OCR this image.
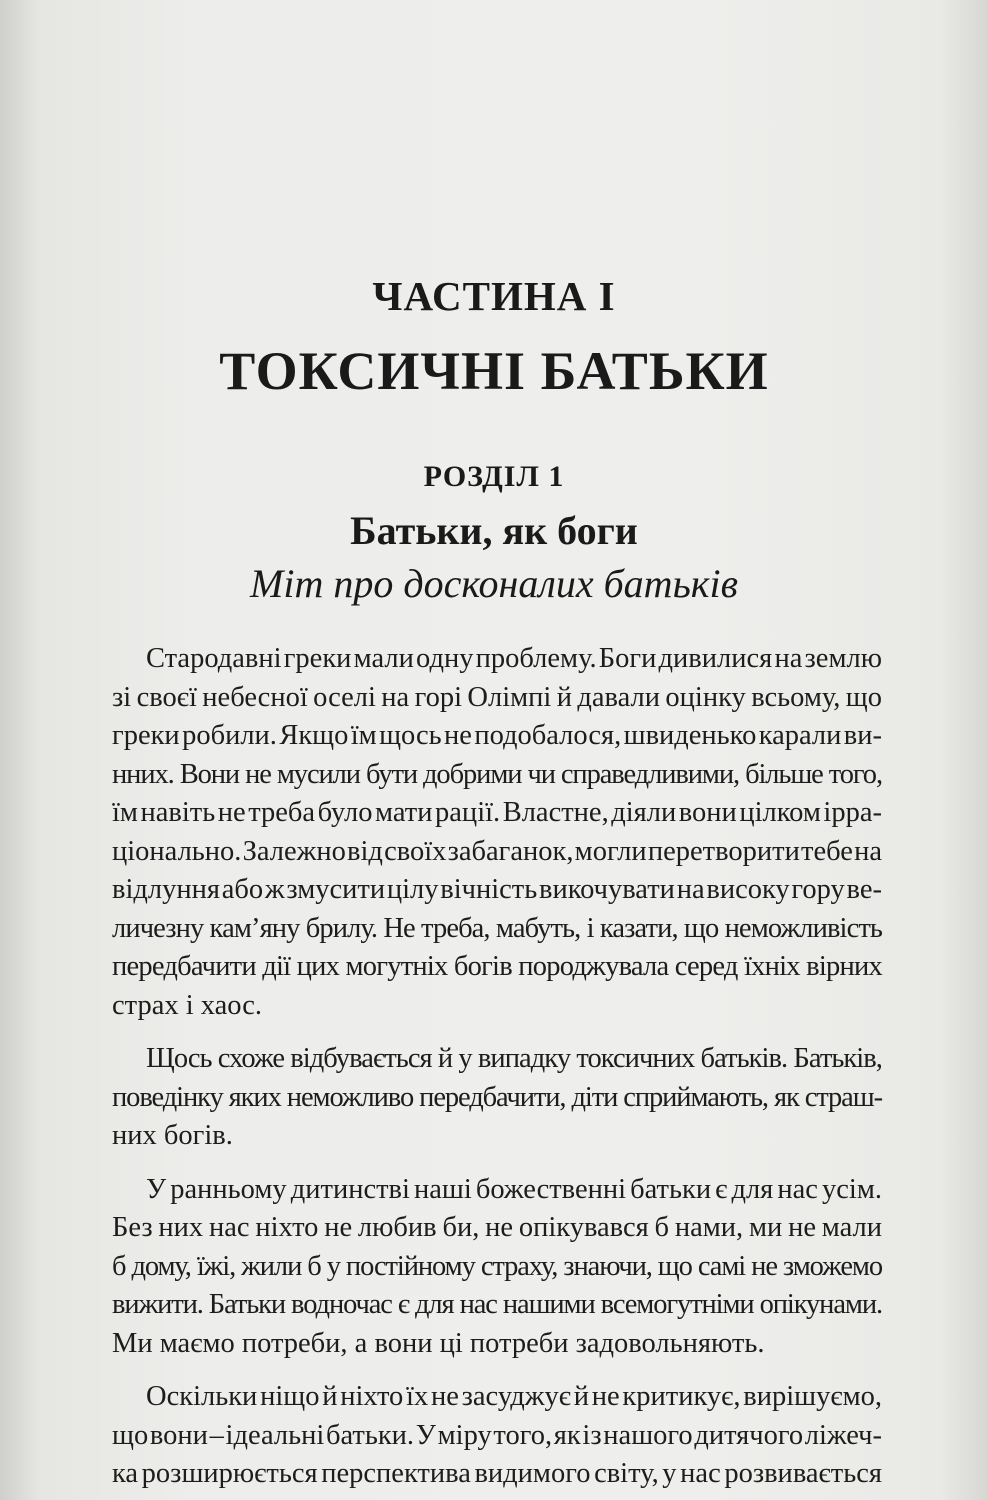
ЧАСТИНА I
ТОКСИЧНІ БАТЬКИ
РОЗДІЛ 1
Батьки, як боги
Міт про досконалих батьків
Стародавні греки мали одну проблему. Боги дивилися на землю
зі своєї небесної оселі на горі Олімпі й давали оцінку всьому, що
греки робили. Якщо їм щось не подобалося, швиденько карали ви-
нних. Вони не мусили бути добрими чи справедливими, більше того,
їм навіть не треба було мати рації. Властне, діяли вони цілком ірра-
ціонально. Залежно від своїх забаганок, могли перетворити тебе на
відлуння або ж змусити цілу вічність викочувати на високу гору ве-
личезну кам’яну брилу. Не треба, мабуть, і казати, що неможливість
передбачити дії цих могутніх богів породжувала серед їхніх вірних
страх і хаос.
Щось схоже відбувається й у випадку токсичних батьків. Батьків,
поведінку яких неможливо передбачити, діти сприймають, як страш-
них богів.
У ранньому дитинстві наші божественні батьки є для нас усім.
Без них нас ніхто не любив би, не опікувався б нами, ми не мали
б дому, їжі, жили б у постійному страху, знаючи, що самі не зможемо
вижити. Батьки водночас є для нас нашими всемогутніми опікунами.
Ми маємо потреби, а вони ці потреби задовольняють.
Оскільки ніщо й ніхто їх не засуджує й не критикує, вирішуємо,
що вони – ідеальні батьки. У міру того, як із нашого дитячого ліжеч-
ка розширюється перспектива видимого світу, у нас розвивається
